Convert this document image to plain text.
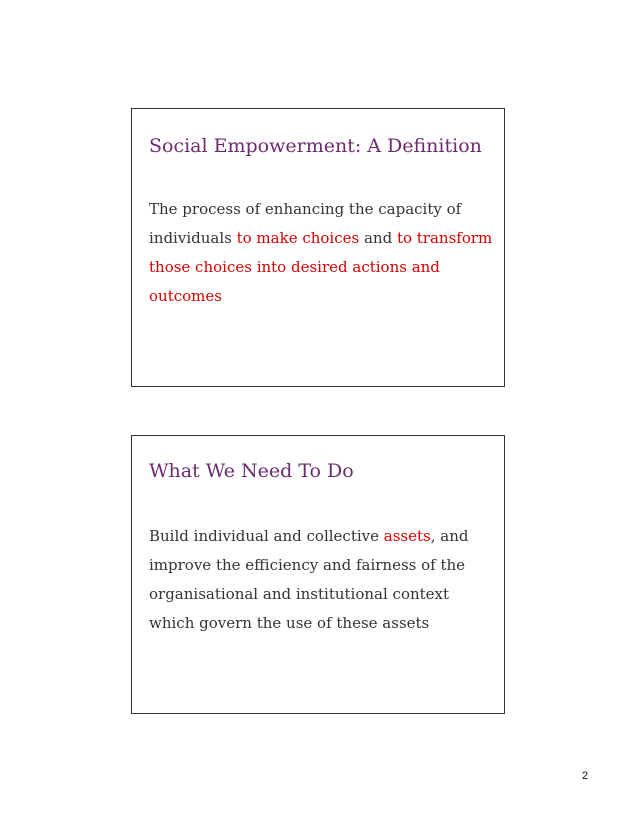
Social Empowerment: A Definition

The process of enhancing the capacity of individuals to make choices and to transform those choices into desired actions and outcomes

What We Need To Do

Build individual and collective assets, and improve the efficiency and fairness of the organisational and institutional context which govern the use of these assets

2
